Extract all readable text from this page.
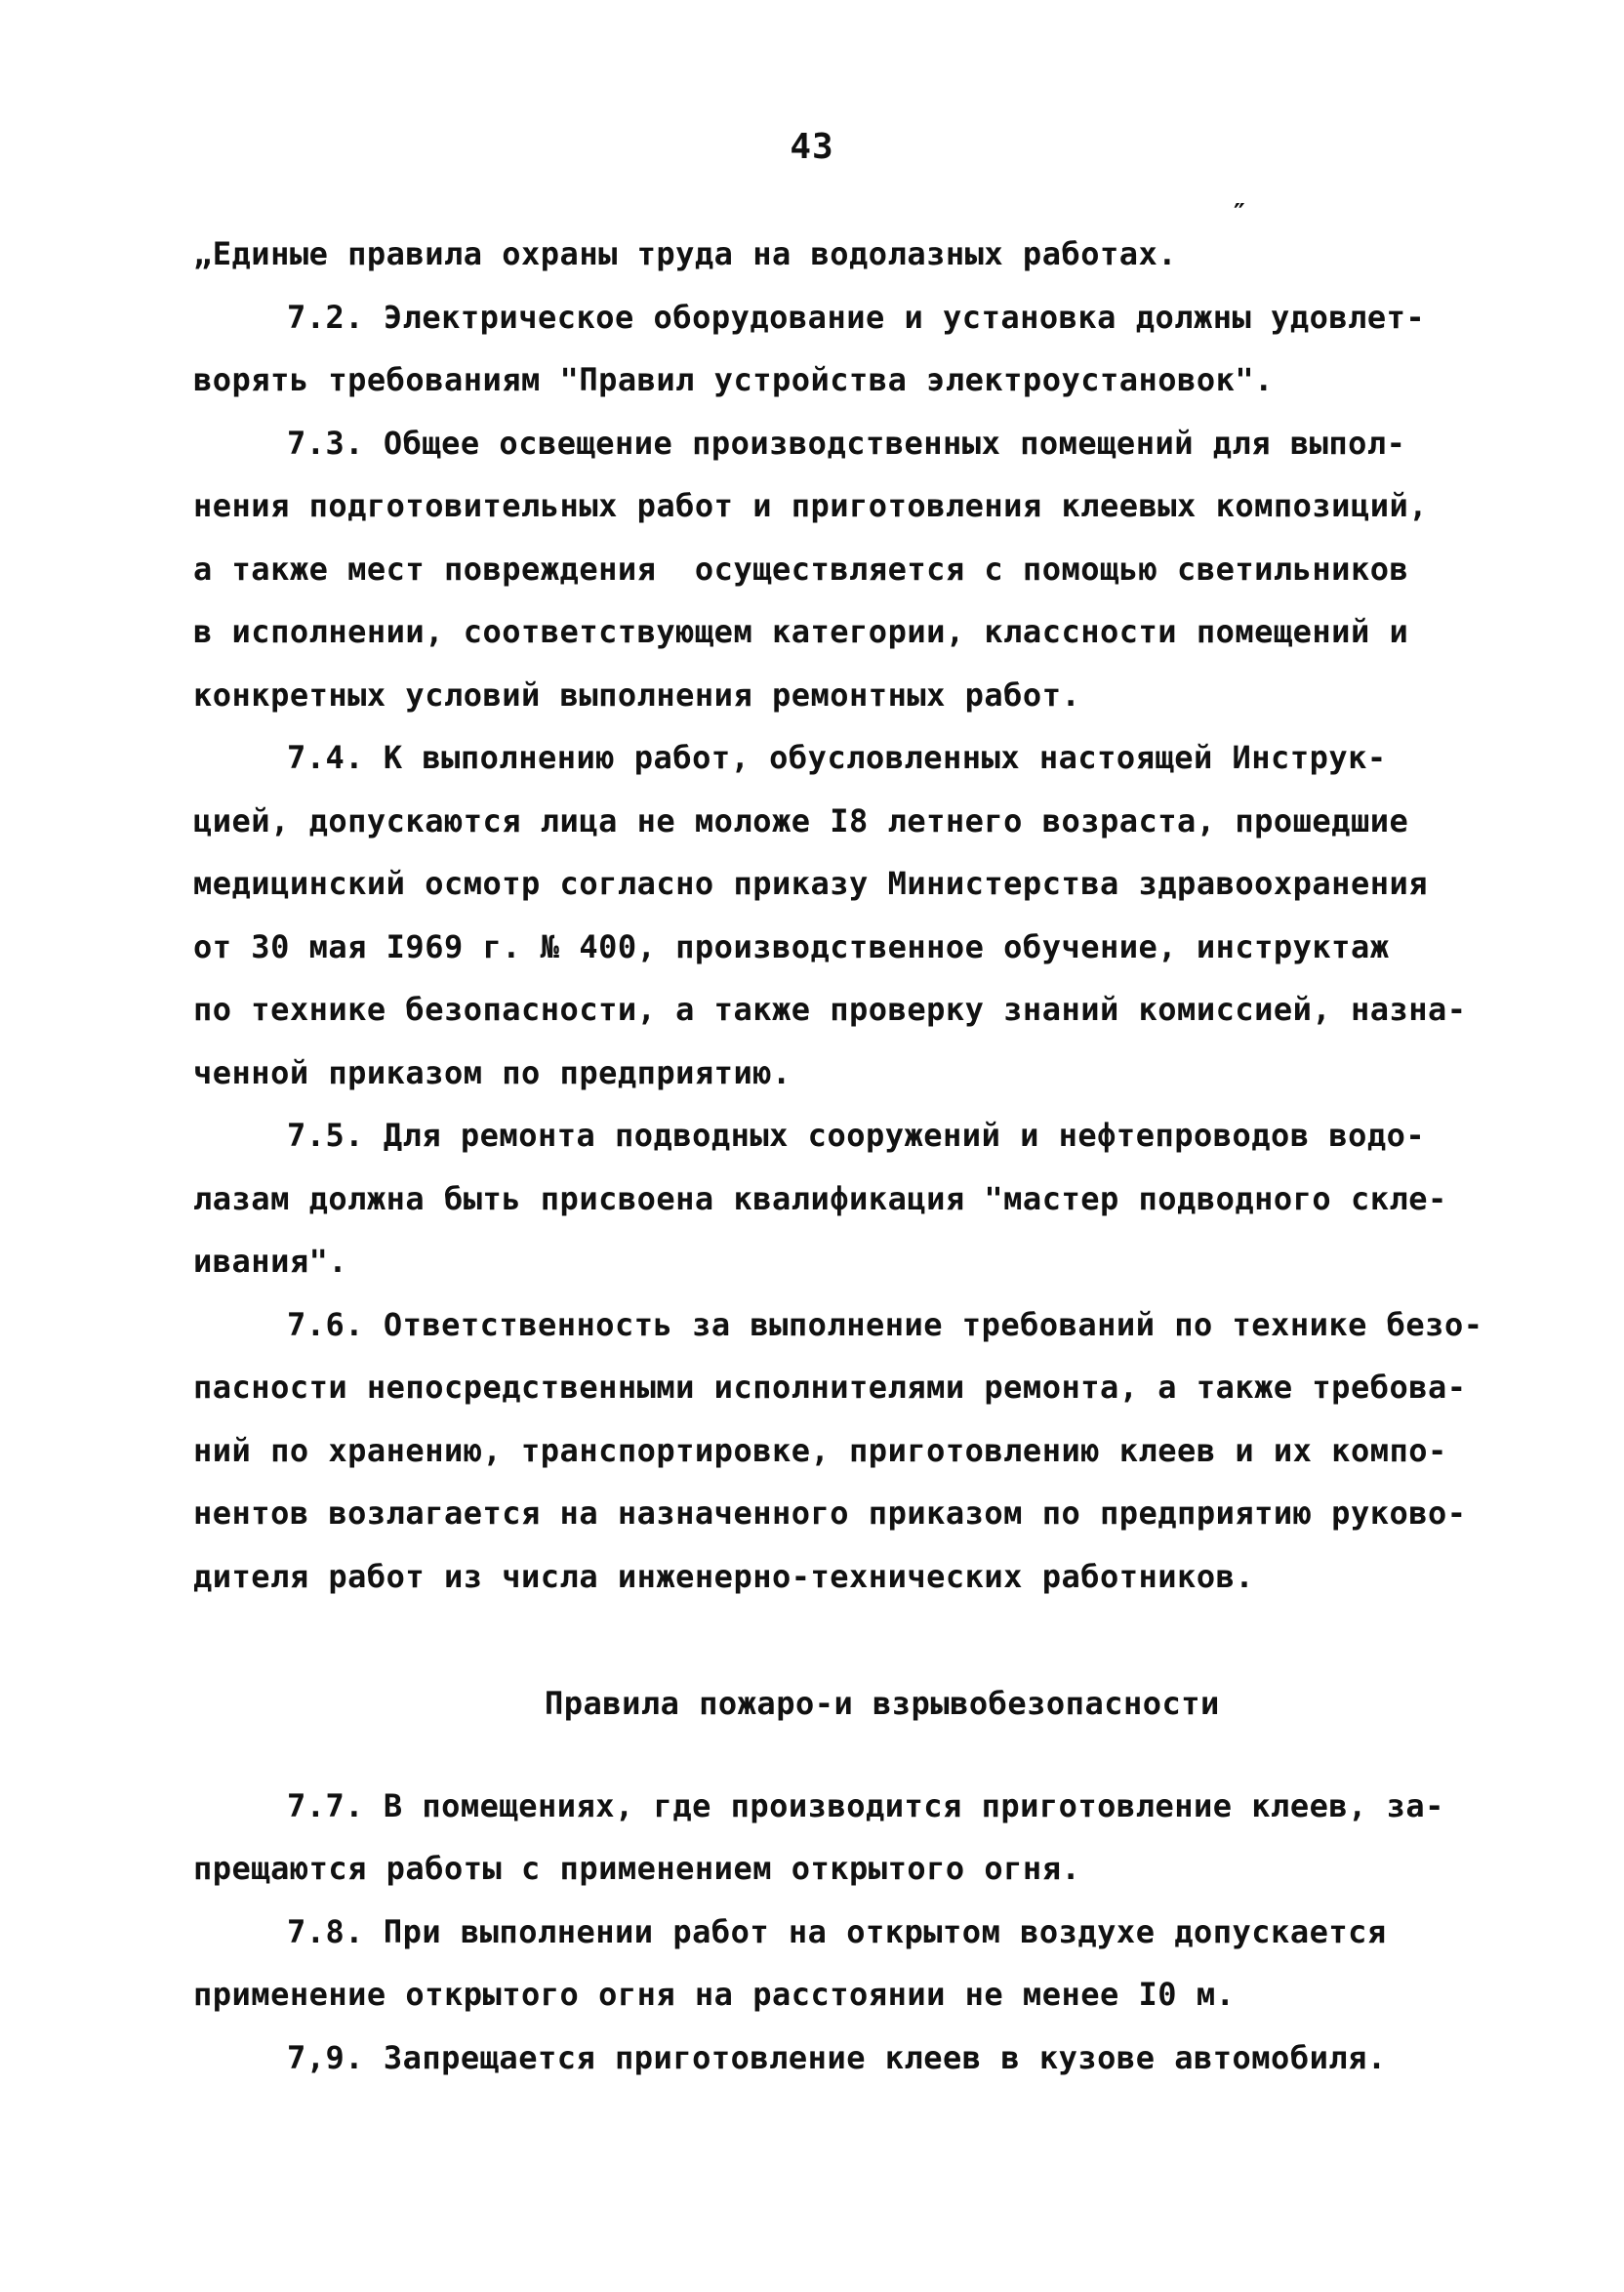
43
″
„Единые правила охраны труда на водолазных работах.
7.2. Электрическое оборудование и установка должны удовлет-
ворять требованиям "Правил устройства электроустановок".
7.3. Общее освещение производственных помещений для выпол-
нения подготовительных работ и приготовления клеевых композиций,
а также мест повреждения  осуществляется с помощью светильников
в исполнении, соответствующем категории, классности помещений и
конкретных условий выполнения ремонтных работ.
7.4. К выполнению работ, обусловленных настоящей Инструк-
цией, допускаются лица не моложе I8 летнего возраста, прошедшие
медицинский осмотр согласно приказу Министерства здравоохранения
от 30 мая I969 г. № 400, производственное обучение, инструктаж
по технике безопасности, а также проверку знаний комиссией, назна-
ченной приказом по предприятию.
7.5. Для ремонта подводных сооружений и нефтепроводов водо-
лазам должна быть присвоена квалификация "мастер подводного скле-
ивания".
7.6. Ответственность за выполнение требований по технике безо-
пасности непосредственными исполнителями ремонта, а также требова-
ний по хранению, транспортировке, приготовлению клеев и их компо-
нентов возлагается на назначенного приказом по предприятию руково-
дителя работ из числа инженерно-технических работников.
Правила пожаро-и взрывобезопасности
7.7. В помещениях, где производится приготовление клеев, за-
прещаются работы с применением открытого огня.
7.8. При выполнении работ на открытом воздухе допускается
применение открытого огня на расстоянии не менее I0 м.
7,9. Запрещается приготовление клеев в кузове автомобиля.
